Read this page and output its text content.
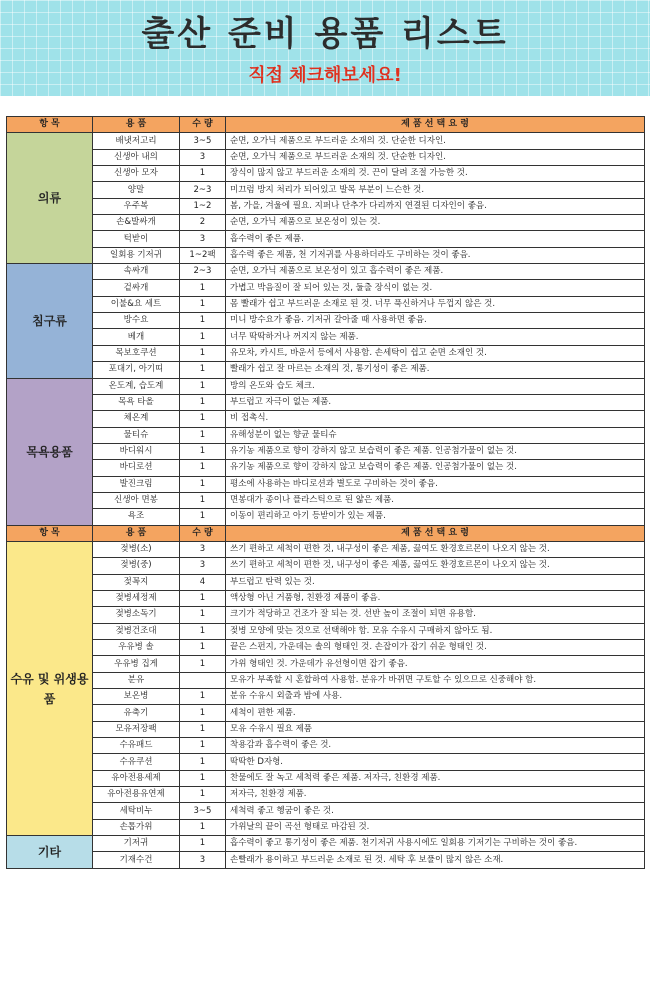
출산 준비 용품 리스트
직접 체크해보세요!
항 목	용 품	수 량	제 품 선 택 요 령
의류	배냇저고리	3~5	순면, 오가닉 제품으로 부드러운 소재의 것. 단순한 디자인.
	신생아 내의	3	순면, 오가닉 제품으로 부드러운 소재의 것. 단순한 디자인.
	신생아 모자	1	장식이 많지 않고 부드러운 소재의 것. 끈이 달려 조절 가능한 것.
	양말	2~3	미끄럼 방지 처리가 되어있고 발목 부분이 느슨한 것.
	우주복	1~2	봄, 가을, 겨울에 필요. 지퍼나 단추가 다리까지 연결된 디자인이 좋음.
	손&발싸개	2	순면, 오가닉 제품으로 보온성이 있는 것.
	턱받이	3	흡수력이 좋은 제품.
	일회용 기저귀	1~2팩	흡수력 좋은 제품, 천 기저귀를 사용하더라도 구비하는 것이 좋음.
침구류	속싸개	2~3	순면, 오가닉 제품으로 보온성이 있고 흡수력이 좋은 제품.
	겉싸개	1	가볍고 박음질이 잘 되어 있는 것, 둘출 장식이 없는 것.
	이불&요 세트	1	몸 빨래가 쉽고 부드러운 소재로 된 것. 너무 푹신하거나 두껍지 않은 것.
	방수요	1	미니 방수요가 좋음. 기저귀 갈아줄 때 사용하면 좋음.
	베개	1	너무 딱딱하거나 꺼지지 않는 제품.
	목보호쿠션	1	유모차, 카시트, 바운서 등에서 사용함. 손세탁이 쉽고 순면 소재인 것.
	포대기, 아기띠	1	빨래가 쉽고 잘 마르는 소재의 것, 통기성이 좋은 제품.
목욕용품	온도계, 습도계	1	방의 온도와 습도 체크.
	목욕 타올	1	부드럽고 자극이 없는 제품.
	체온계	1	비 접촉식.
	물티슈	1	유해성분이 없는 향균 물티슈
	바디워시	1	유기농 제품으로 향이 강하지 않고 보습력이 좋은 제품. 인공첨가물이 없는 것.
	바디로션	1	유기농 제품으로 향이 강하지 않고 보습력이 좋은 제품. 인공첨가물이 없는 것.
	발진크림	1	평소에 사용하는 바디로션과 별도로 구비하는 것이 좋음.
	신생아 면봉	1	면봉대가 종이나 플라스틱으로 된 얇은 제품.
	욕조	1	이동이 편리하고 아기 등받이가 있는 제품.
항 목	용 품	수 량	제 품 선 택 요 령
수유 및 위생용품	젖병(소)	3	쓰기 편하고 세척이 편한 것, 내구성이 좋은 제품, 끓여도 환경호르몬이 나오지 않는 것.
	젖병(중)	3	쓰기 편하고 세척이 편한 것, 내구성이 좋은 제품, 끓여도 환경호르몬이 나오지 않는 것.
	젖꼭지	4	부드럽고 탄력 있는 것.
	젖병세정제	1	액상형 아닌 거품형, 친환경 제품이 좋음.
	젖병소독기	1	크기가 적당하고 건조가 잘 되는 것. 선반 높이 조절이 되면 유용함.
	젖병건조대	1	젖병 모양에 맞는 것으로 선택해야 함. 모유 수유시 구매하지 않아도 됨.
	우유병 솔	1	끝은 스펀지, 가운데는 솔의 형태인 것. 손잡이가 잡기 쉬운 형태인 것.
	우유병 집게	1	가위 형태인 것. 가운데가 유선형이면 잡기 좋음.
	분유		모유가 부족할 시 혼합하여 사용함. 분유가 바뀌면 구토할 수 있으므로 신중해야 함.
	보온병	1	분유 수유시 외출과 밤에 사용.
	유축기	1	세척이 편한 제품.
	모유저장팩	1	모유 수유시 필요 제품
	수유패드	1	착용감과 흡수력이 좋은 것.
	수유쿠션	1	딱딱한 D자형.
	유아전용세제	1	찬물에도 잘 녹고 세척력 좋은 제품. 저자극, 친환경 제품.
	유아전용유연제	1	저자극, 친환경 제품.
	세탁비누	3~5	세척력 좋고 헹굼이 좋은 것.
	손톱가위	1	가위날의 끝이 곡선 형태로 마감된 것.
기타	기저귀	1	흡수력이 좋고 통기성이 좋은 제품. 천기저귀 사용시에도 일회용 기저기는 구비하는 것이 좋음.
	기재수건	3	손빨래가 용이하고 부드러운 소재로 된 것. 세탁 후 보풀이 많지 않은 소재.
